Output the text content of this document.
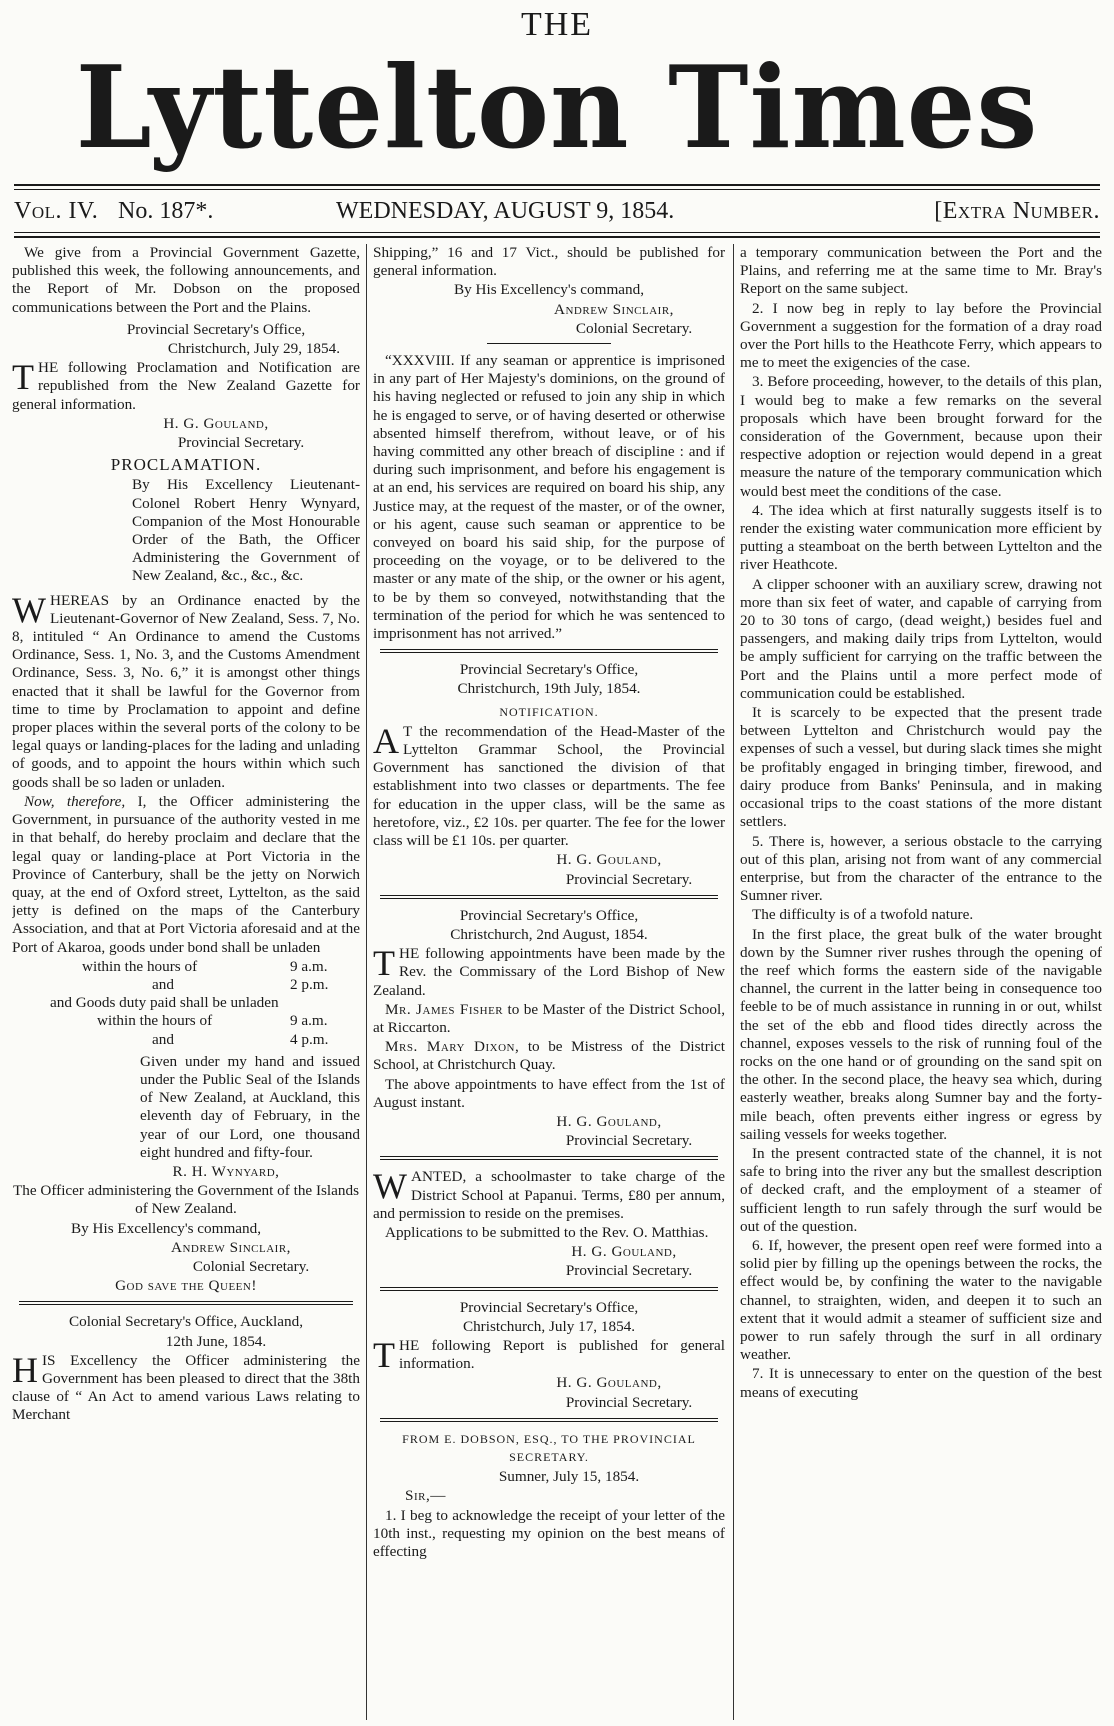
THE
Lyttelton Times
Vol. IV. No. 187*.	WEDNESDAY, AUGUST 9, 1854.	[Extra Number.

We give from a Provincial Government Gazette, published this week, the following announcements, and the Report of Mr. Dobson on the proposed communications between the Port and the Plains.

Provincial Secretary's Office,

Christchurch, July 29, 1854.

THE following Proclamation and Notification are republished from the New Zealand Gazette for general information.

H. G. Gouland,

Provincial Secretary.

PROCLAMATION.

By His Excellency Lieutenant-Colonel Robert Henry Wynyard, Companion of the Most Honourable Order of the Bath, the Officer Administering the Government of New Zealand, &c., &c., &c.

WHEREAS by an Ordinance enacted by the Lieutenant-Governor of New Zealand, Sess. 7, No. 8, intituled “ An Ordinance to amend the Customs Ordinance, Sess. 1, No. 3, and the Customs Amendment Ordinance, Sess. 3, No. 6,” it is amongst other things enacted that it shall be lawful for the Governor from time to time by Proclamation to appoint and define proper places within the several ports of the colony to be legal quays or landing-places for the lading and unlading of goods, and to appoint the hours within which such goods shall be so laden or unladen.

Now, therefore, I, the Officer administering the Government, in pursuance of the authority vested in me in that behalf, do hereby proclaim and declare that the legal quay or landing-place at Port Victoria in the Province of Canterbury, shall be the jetty on Norwich quay, at the end of Oxford street, Lyttelton, as the said jetty is defined on the maps of the Canterbury Association, and that at Port Victoria aforesaid and at the Port of Akaroa, goods under bond shall be unladen

within the hours of	9 a.m.
and	2 p.m.
and Goods duty paid shall be unladen	
within the hours of	9 a.m.
and	4 p.m.

Given under my hand and issued under the Public Seal of the Islands of New Zealand, at Auckland, this eleventh day of February, in the year of our Lord, one thousand eight hundred and fifty-four.

R. H. Wynyard,

The Officer administering the Government of the Islands of New Zealand.

By His Excellency's command,

Andrew Sinclair,

Colonial Secretary.

God save the Queen!

Colonial Secretary's Office, Auckland,

12th June, 1854.

HIS Excellency the Officer administering the Government has been pleased to direct that the 38th clause of “ An Act to amend various Laws relating to Merchant

Shipping,” 16 and 17 Vict., should be published for general information.

By His Excellency's command,

Andrew Sinclair,

Colonial Secretary.

“XXXVIII. If any seaman or apprentice is imprisoned in any part of Her Majesty's dominions, on the ground of his having neglected or refused to join any ship in which he is engaged to serve, or of having deserted or otherwise absented himself therefrom, without leave, or of his having committed any other breach of discipline : and if during such imprisonment, and before his engagement is at an end, his services are required on board his ship, any Justice may, at the request of the master, or of the owner, or his agent, cause such seaman or apprentice to be conveyed on board his said ship, for the purpose of proceeding on the voyage, or to be delivered to the master or any mate of the ship, or the owner or his agent, to be by them so conveyed, notwithstanding that the termination of the period for which he was sentenced to imprisonment has not arrived.”

Provincial Secretary's Office,

Christchurch, 19th July, 1854.

NOTIFICATION.

A T the recommendation of the Head-Master of the Lyttelton Grammar School, the Provincial Government has sanctioned the division of that establishment into two classes or departments. The fee for education in the upper class, will be the same as heretofore, viz., £2 10s. per quarter. The fee for the lower class will be £1 10s. per quarter.

H. G. Gouland,

Provincial Secretary.

Provincial Secretary's Office,

Christchurch, 2nd August, 1854.

THE following appointments have been made by the Rev. the Commissary of the Lord Bishop of New Zealand.

Mr. James Fisher to be Master of the District School, at Riccarton.

Mrs. Mary Dixon, to be Mistress of the District School, at Christchurch Quay.

The above appointments to have effect from the 1st of August instant.

H. G. Gouland,

Provincial Secretary.

WANTED, a schoolmaster to take charge of the District School at Papanui. Terms, £80 per annum, and permission to reside on the premises.

Applications to be submitted to the Rev. O. Matthias.

H. G. Gouland,

Provincial Secretary.

Provincial Secretary's Office,

Christchurch, July 17, 1854.

THE following Report is published for general information.

H. G. Gouland,

Provincial Secretary.

FROM E. DOBSON, ESQ., TO THE PROVINCIAL SECRETARY.

Sumner, July 15, 1854.

Sir,—

1. I beg to acknowledge the receipt of your letter of the 10th inst., requesting my opinion on the best means of effecting

a temporary communication between the Port and the Plains, and referring me at the same time to Mr. Bray's Report on the same subject.

2. I now beg in reply to lay before the Provincial Government a suggestion for the formation of a dray road over the Port hills to the Heathcote Ferry, which appears to me to meet the exigencies of the case.

3. Before proceeding, however, to the details of this plan, I would beg to make a few remarks on the several proposals which have been brought forward for the consideration of the Government, because upon their respective adoption or rejection would depend in a great measure the nature of the temporary communication which would best meet the conditions of the case.

4. The idea which at first naturally suggests itself is to render the existing water communication more efficient by putting a steamboat on the berth between Lyttelton and the river Heathcote.

A clipper schooner with an auxiliary screw, drawing not more than six feet of water, and capable of carrying from 20 to 30 tons of cargo, (dead weight,) besides fuel and passengers, and making daily trips from Lyttelton, would be amply sufficient for carrying on the traffic between the Port and the Plains until a more perfect mode of communication could be established.

It is scarcely to be expected that the present trade between Lyttelton and Christchurch would pay the expenses of such a vessel, but during slack times she might be profitably engaged in bringing timber, firewood, and dairy produce from Banks' Peninsula, and in making occasional trips to the coast stations of the more distant settlers.

5. There is, however, a serious obstacle to the carrying out of this plan, arising not from want of any commercial enterprise, but from the character of the entrance to the Sumner river.

The difficulty is of a twofold nature.

In the first place, the great bulk of the water brought down by the Sumner river rushes through the opening of the reef which forms the eastern side of the navigable channel, the current in the latter being in consequence too feeble to be of much assistance in running in or out, whilst the set of the ebb and flood tides directly across the channel, exposes vessels to the risk of running foul of the rocks on the one hand or of grounding on the sand spit on the other. In the second place, the heavy sea which, during easterly weather, breaks along Sumner bay and the forty-mile beach, often prevents either ingress or egress by sailing vessels for weeks together.

In the present contracted state of the channel, it is not safe to bring into the river any but the smallest description of decked craft, and the employment of a steamer of sufficient length to run safely through the surf would be out of the question.

6. If, however, the present open reef were formed into a solid pier by filling up the openings between the rocks, the effect would be, by confining the water to the navigable channel, to straighten, widen, and deepen it to such an extent that it would admit a steamer of sufficient size and power to run safely through the surf in all ordinary weather.

7. It is unnecessary to enter on the question of the best means of executing
